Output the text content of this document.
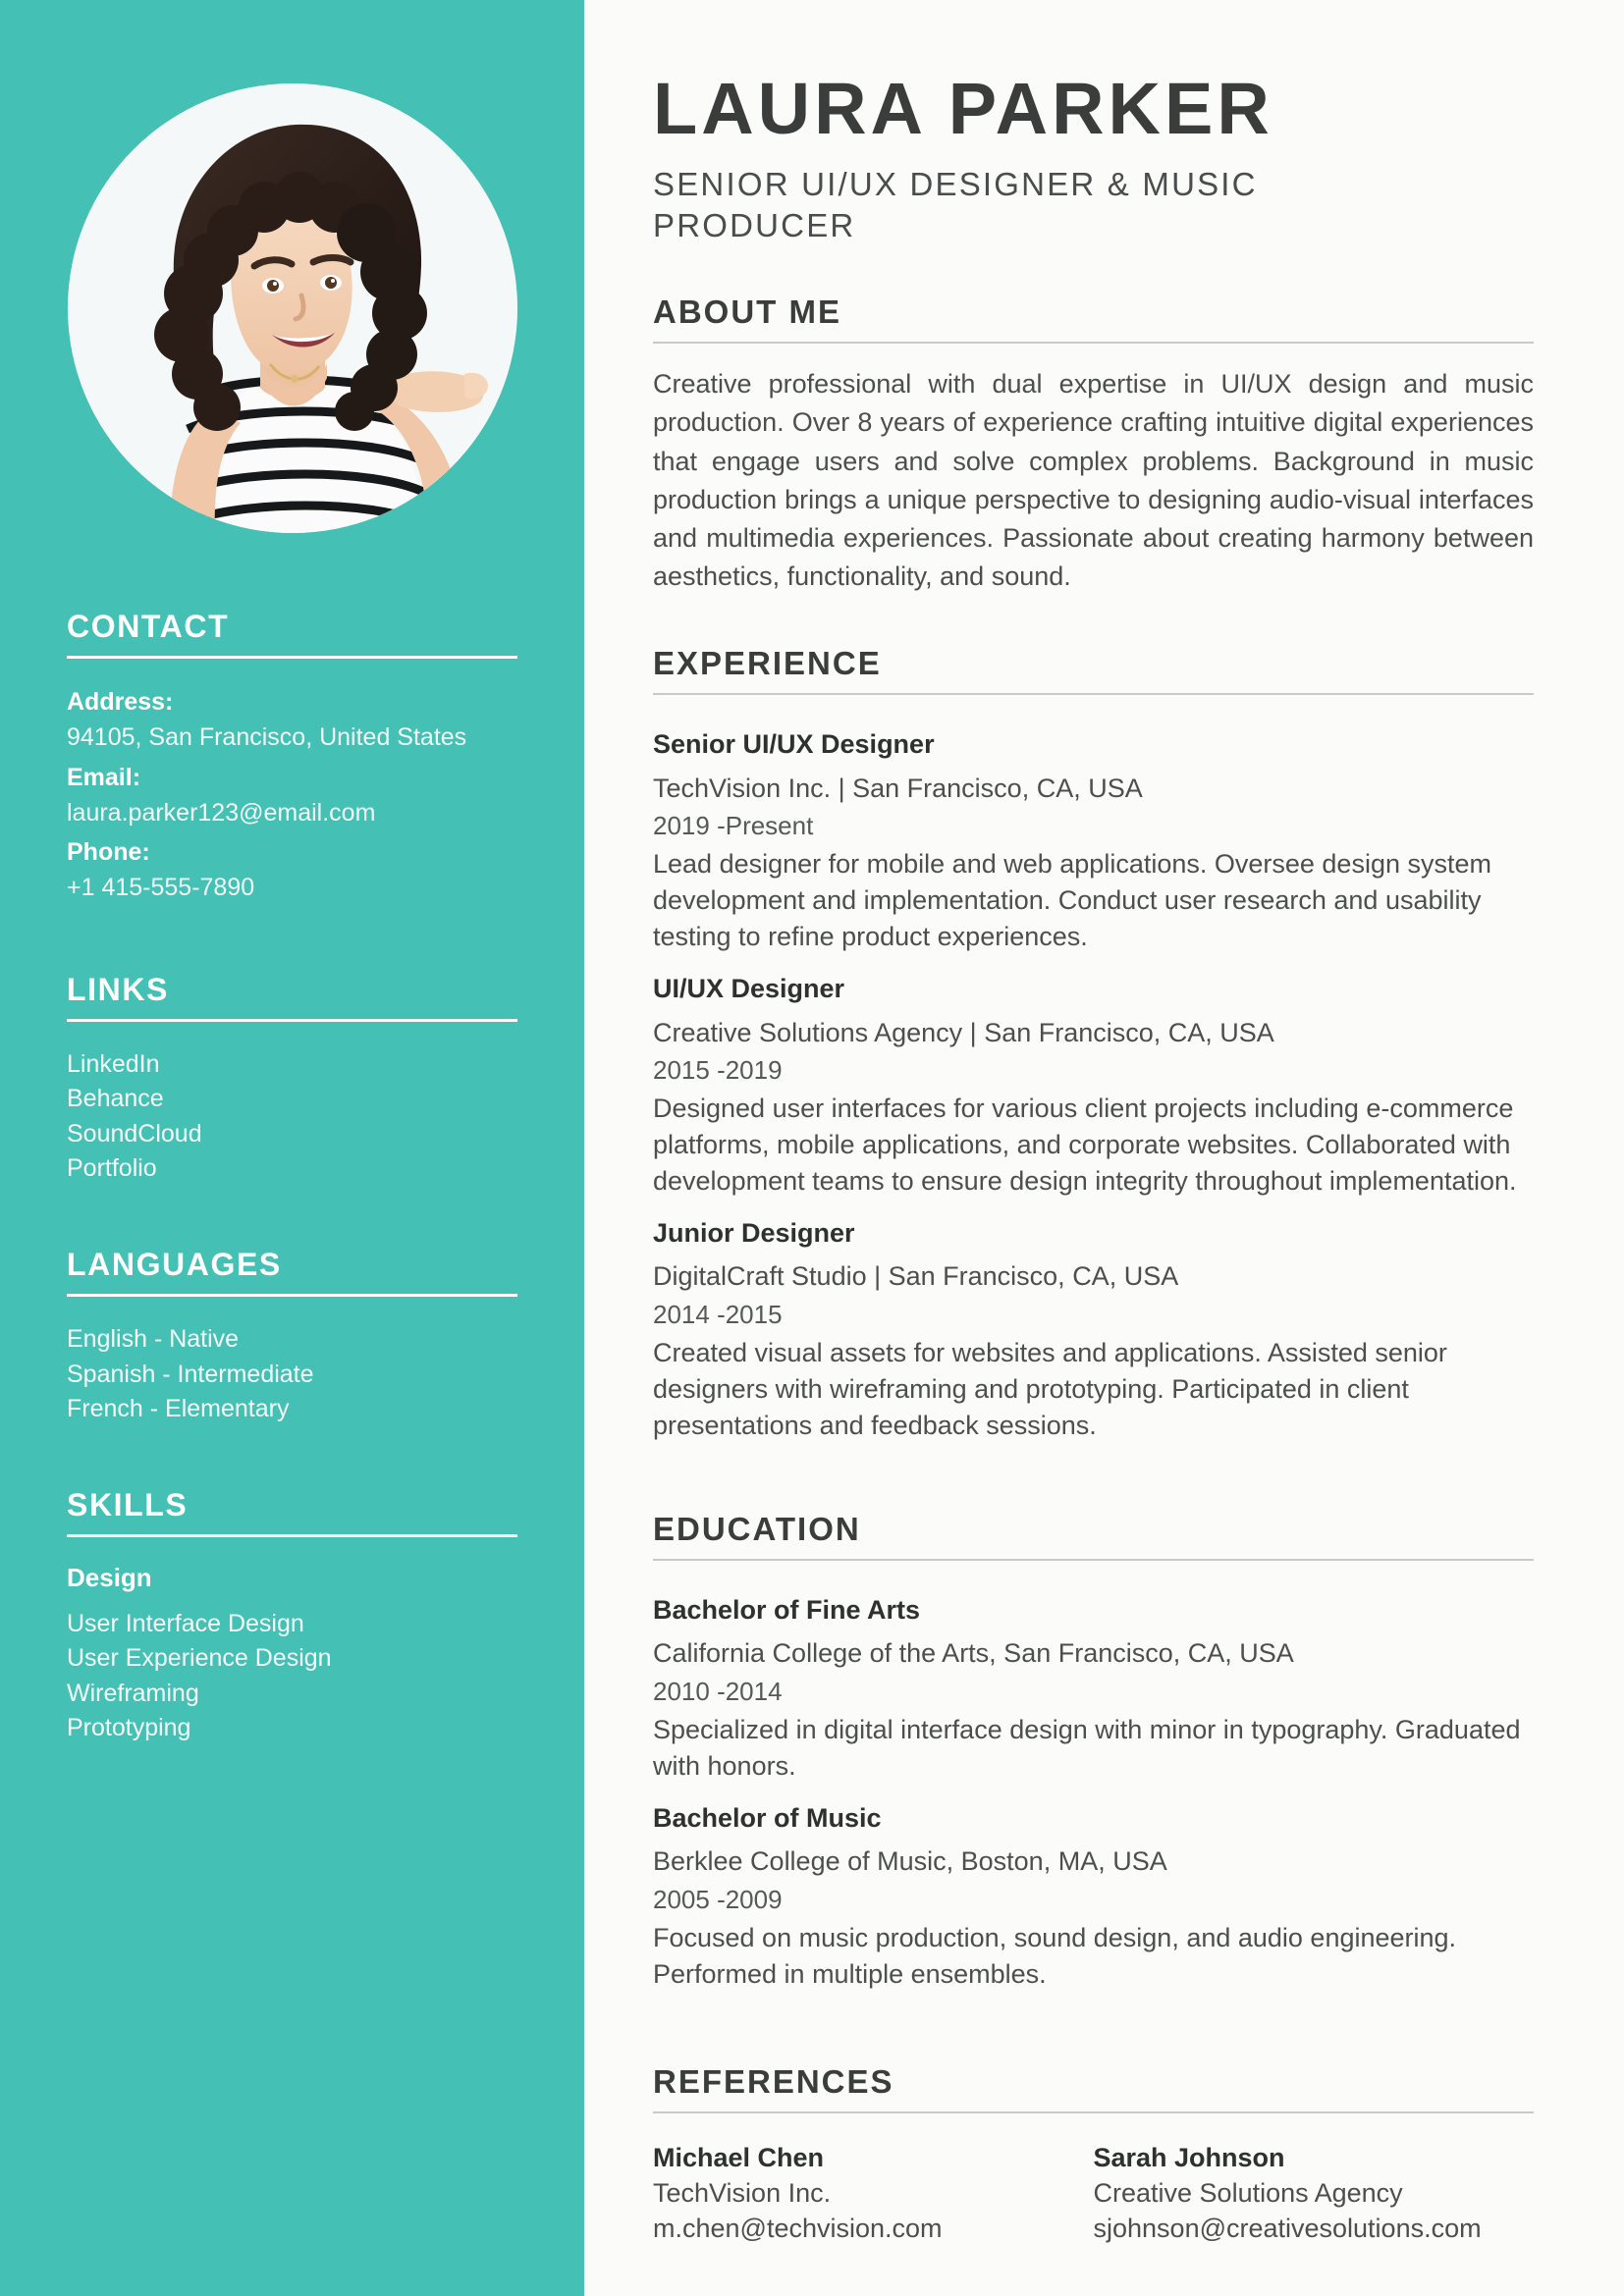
CONTACT
Address:
94105, San Francisco, United States
Email:
laura.parker123@email.com
Phone:
+1 415-555-7890
LINKS
LinkedIn
Behance
SoundCloud
Portfolio
LANGUAGES
English - Native
Spanish - Intermediate
French - Elementary
SKILLS
Design
User Interface Design
User Experience Design
Wireframing
Prototyping
LAURA PARKER
SENIOR UI/UX DESIGNER & MUSIC PRODUCER
ABOUT ME

Creative professional with dual expertise in UI/UX design and music production. Over 8 years of experience crafting intuitive digital experiences that engage users and solve complex problems. Background in music production brings a unique perspective to designing audio-visual interfaces and multimedia experiences. Passionate about creating harmony between aesthetics, functionality, and sound.

EXPERIENCE
Senior UI/UX Designer
TechVision Inc. | San Francisco, CA, USA
2019 -Present
Lead designer for mobile and web applications. Oversee design system development and implementation. Conduct user research and usability testing to refine product experiences.
UI/UX Designer
Creative Solutions Agency | San Francisco, CA, USA
2015 -2019
Designed user interfaces for various client projects including e-commerce platforms, mobile applications, and corporate websites. Collaborated with development teams to ensure design integrity throughout implementation.
Junior Designer
DigitalCraft Studio | San Francisco, CA, USA
2014 -2015
Created visual assets for websites and applications. Assisted senior designers with wireframing and prototyping. Participated in client presentations and feedback sessions.
EDUCATION
Bachelor of Fine Arts
California College of the Arts, San Francisco, CA, USA
2010 -2014
Specialized in digital interface design with minor in typography. Graduated with honors.
Bachelor of Music
Berklee College of Music, Boston, MA, USA
2005 -2009
Focused on music production, sound design, and audio engineering. Performed in multiple ensembles.
REFERENCES
Michael Chen
TechVision Inc.
m.chen@techvision.com
Sarah Johnson
Creative Solutions Agency
sjohnson@creativesolutions.com
